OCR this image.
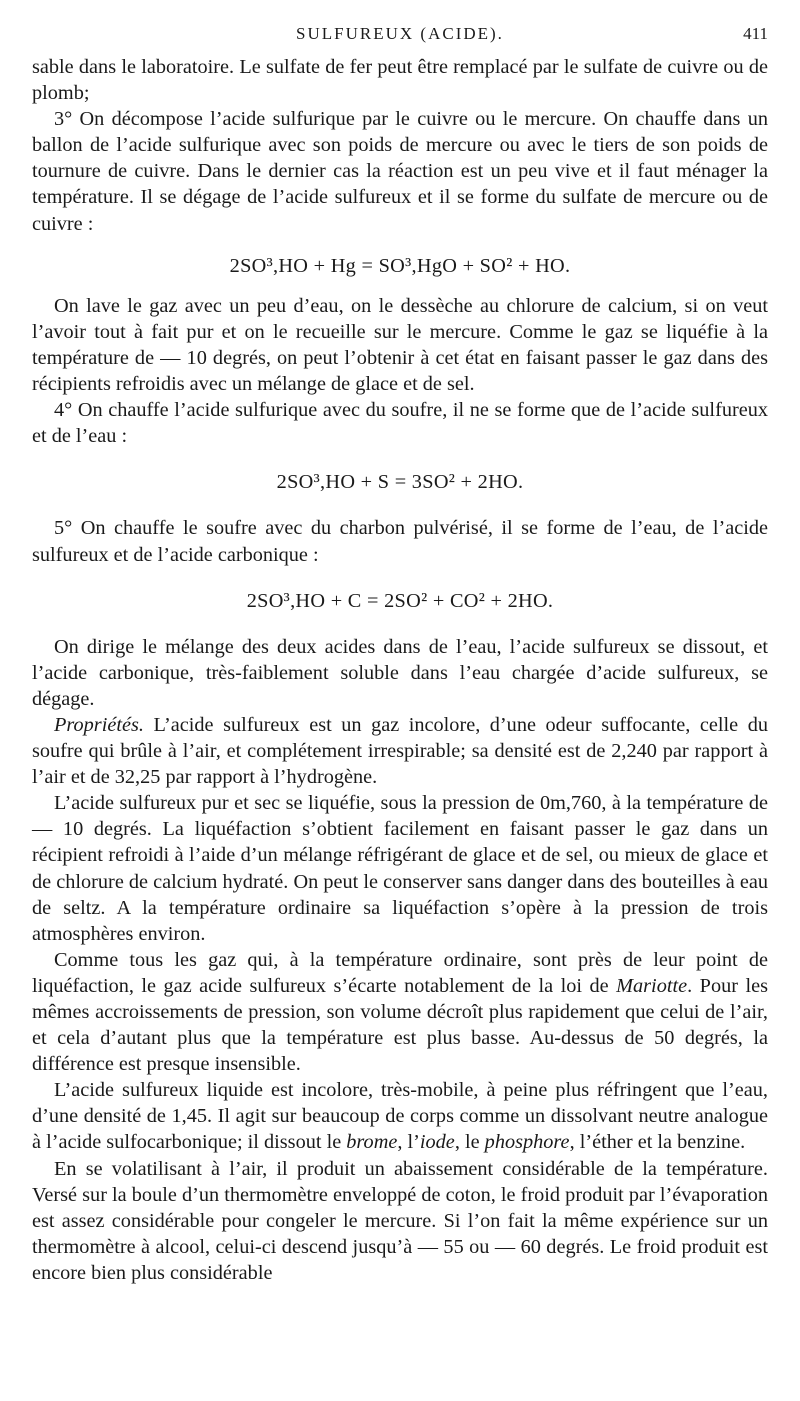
SULFUREUX (ACIDE).	411

sable dans le laboratoire. Le sulfate de fer peut être remplacé par le sulfate de cuivre ou de plomb;

3° On décompose l’acide sulfurique par le cuivre ou le mercure. On chauffe dans un ballon de l’acide sulfurique avec son poids de mercure ou avec le tiers de son poids de tournure de cuivre. Dans le dernier cas la réaction est un peu vive et il faut ménager la température. Il se dégage de l’acide sulfureux et il se forme du sulfate de mercure ou de cuivre :

2SO³,HO + Hg = SO³,HgO + SO² + HO.

On lave le gaz avec un peu d’eau, on le dessèche au chlorure de calcium, si on veut l’avoir tout à fait pur et on le recueille sur le mercure. Comme le gaz se liquéfie à la température de — 10 degrés, on peut l’obtenir à cet état en faisant passer le gaz dans des récipients refroidis avec un mélange de glace et de sel.

4° On chauffe l’acide sulfurique avec du soufre, il ne se forme que de l’acide sulfureux et de l’eau :

2SO³,HO + S = 3SO² + 2HO.

5° On chauffe le soufre avec du charbon pulvérisé, il se forme de l’eau, de l’acide sulfureux et de l’acide carbonique :

2SO³,HO + C = 2SO² + CO² + 2HO.

On dirige le mélange des deux acides dans de l’eau, l’acide sulfureux se dissout, et l’acide carbonique, très-faiblement soluble dans l’eau chargée d’acide sulfureux, se dégage.

Propriétés. L’acide sulfureux est un gaz incolore, d’une odeur suffocante, celle du soufre qui brûle à l’air, et complétement irrespirable; sa densité est de 2,240 par rapport à l’air et de 32,25 par rapport à l’hydrogène.

L’acide sulfureux pur et sec se liquéfie, sous la pression de 0m,760, à la température de — 10 degrés. La liquéfaction s’obtient facilement en faisant passer le gaz dans un récipient refroidi à l’aide d’un mélange réfrigérant de glace et de sel, ou mieux de glace et de chlorure de calcium hydraté. On peut le conserver sans danger dans des bouteilles à eau de seltz. A la température ordinaire sa liquéfaction s’opère à la pression de trois atmosphères environ.

Comme tous les gaz qui, à la température ordinaire, sont près de leur point de liquéfaction, le gaz acide sulfureux s’écarte notablement de la loi de Mariotte. Pour les mêmes accroissements de pression, son volume décroît plus rapidement que celui de l’air, et cela d’autant plus que la température est plus basse. Au-dessus de 50 degrés, la différence est presque insensible.

L’acide sulfureux liquide est incolore, très-mobile, à peine plus réfringent que l’eau, d’une densité de 1,45. Il agit sur beaucoup de corps comme un dissolvant neutre analogue à l’acide sulfocarbonique; il dissout le brome, l’iode, le phosphore, l’éther et la benzine.

En se volatilisant à l’air, il produit un abaissement considérable de la température. Versé sur la boule d’un thermomètre enveloppé de coton, le froid produit par l’évaporation est assez considérable pour congeler le mercure. Si l’on fait la même expérience sur un thermomètre à alcool, celui-ci descend jusqu’à — 55 ou — 60 degrés. Le froid produit est encore bien plus considérable
